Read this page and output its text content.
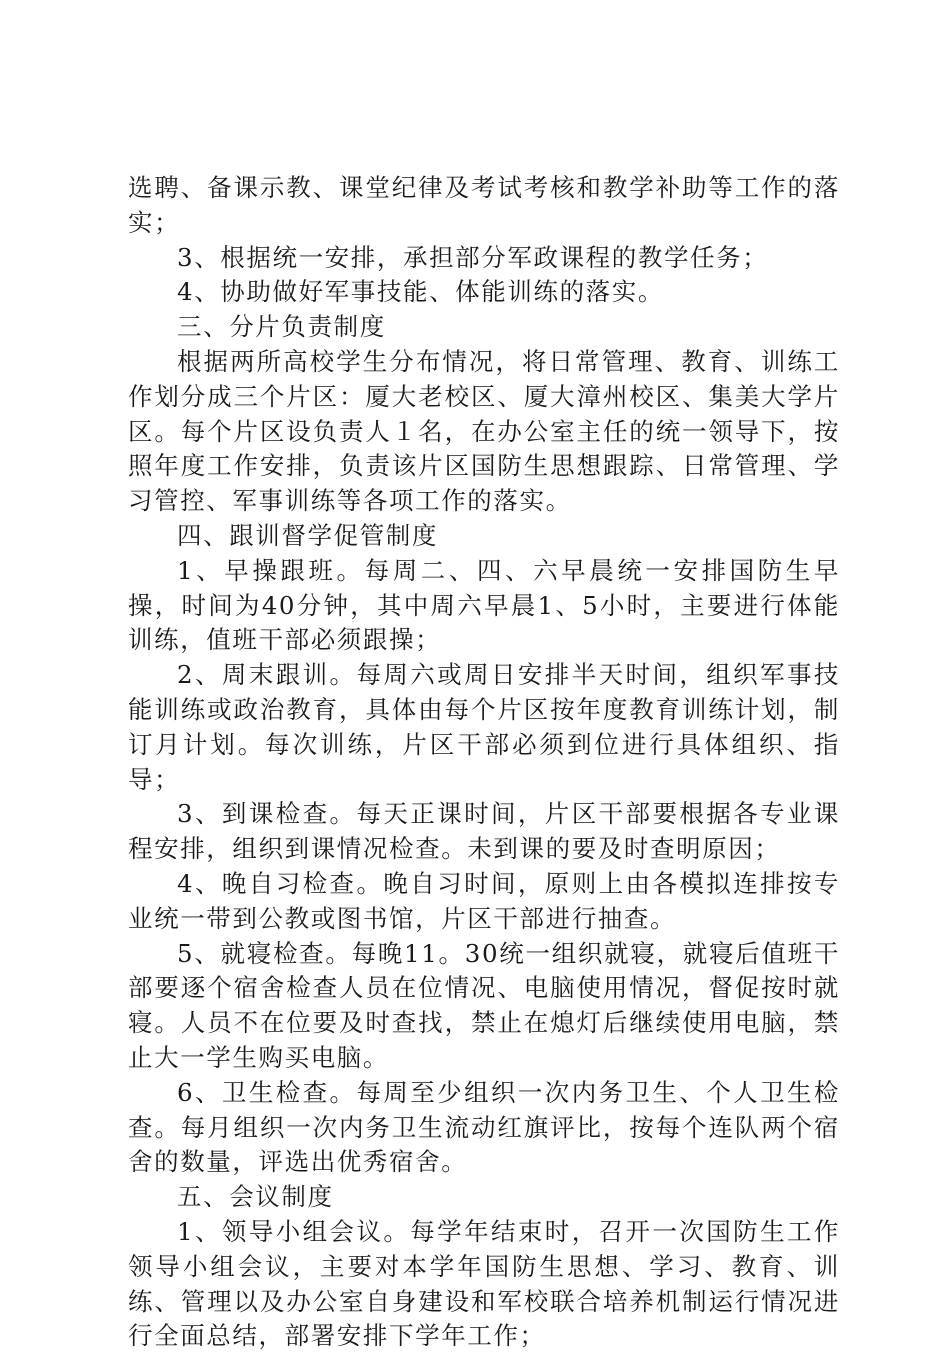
选聘、备课示教、课堂纪律及考试考核和教学补助等工作的落实；

3、根据统一安排，承担部分军政课程的教学任务；

4、协助做好军事技能、体能训练的落实。

三、分片负责制度

根据两所高校学生分布情况，将日常管理、教育、训练工作划分成三个片区：厦大老校区、厦大漳州校区、集美大学片区。每个片区设负责人１名，在办公室主任的统一领导下，按照年度工作安排，负责该片区国防生思想跟踪、日常管理、学习管控、军事训练等各项工作的落实。

四、跟训督学促管制度

1、早操跟班。每周二、四、六早晨统一安排国防生早操，时间为40分钟，其中周六早晨1、5小时，主要进行体能训练，值班干部必须跟操；

2、周末跟训。每周六或周日安排半天时间，组织军事技能训练或政治教育，具体由每个片区按年度教育训练计划，制订月计划。每次训练，片区干部必须到位进行具体组织、指导；

3、到课检查。每天正课时间，片区干部要根据各专业课程安排，组织到课情况检查。未到课的要及时查明原因；

4、晚自习检查。晚自习时间，原则上由各模拟连排按专业统一带到公教或图书馆，片区干部进行抽查。

5、就寝检查。每晚11。30统一组织就寝，就寝后值班干部要逐个宿舍检查人员在位情况、电脑使用情况，督促按时就寝。人员不在位要及时查找，禁止在熄灯后继续使用电脑，禁止大一学生购买电脑。

6、卫生检查。每周至少组织一次内务卫生、个人卫生检查。每月组织一次内务卫生流动红旗评比，按每个连队两个宿舍的数量，评选出优秀宿舍。

五、会议制度

1、领导小组会议。每学年结束时，召开一次国防生工作领导小组会议，主要对本学年国防生思想、学习、教育、训练、管理以及办公室自身建设和军校联合培养机制运行情况进行全面总结，部署安排下学年工作；
